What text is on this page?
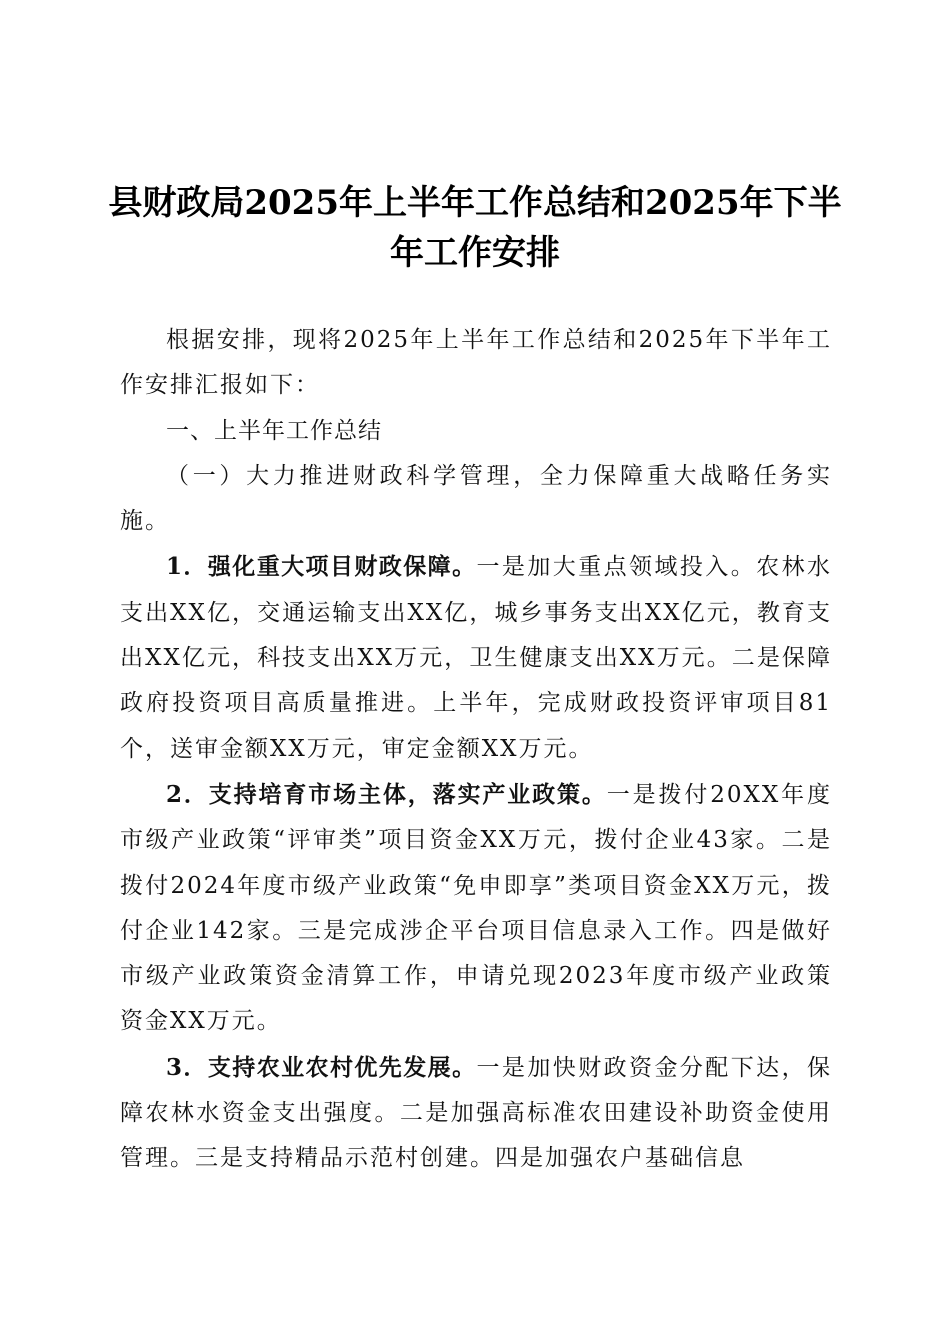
县财政局2025年上半年工作总结和2025年下半年工作安排

根据安排，现将2025年上半年工作总结和2025年下半年工作安排汇报如下：

一、上半年工作总结

（一）大力推进财政科学管理，全力保障重大战略任务实施。

1．强化重大项目财政保障。一是加大重点领域投入。农林水支出XX亿，交通运输支出XX亿，城乡事务支出XX亿元，教育支出XX亿元，科技支出XX万元，卫生健康支出XX万元。二是保障政府投资项目高质量推进。上半年，完成财政投资评审项目81个，送审金额XX万元，审定金额XX万元。

2．支持培育市场主体，落实产业政策。一是拨付20XX年度市级产业政策“评审类”项目资金XX万元，拨付企业43家。二是拨付2024年度市级产业政策“免申即享”类项目资金XX万元，拨付企业142家。三是完成涉企平台项目信息录入工作。四是做好市级产业政策资金清算工作，申请兑现2023年度市级产业政策资金XX万元。

3．支持农业农村优先发展。一是加快财政资金分配下达，保障农林水资金支出强度。二是加强高标准农田建设补助资金使用管理。三是支持精品示范村创建。四是加强农户基础信息
